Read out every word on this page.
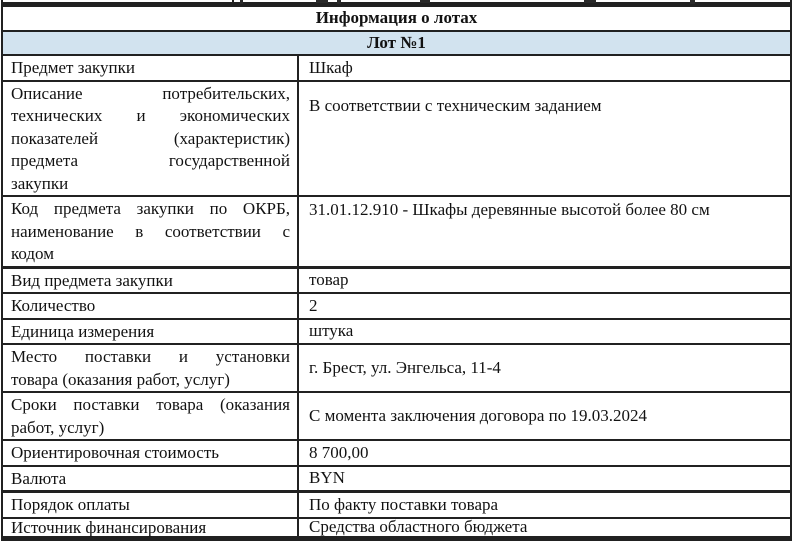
Информация о лотах	
Лот №1	

Предмет закупки	Шкаф

Описание потребительских,
технических и экономических
показателей (характеристик)
предмета государственной
закупки	В соответствии с техническим заданием

Код предмета закупки по ОКРБ,
наименование в соответствии с
кодом	31.01.12.910 - Шкафы деревянные высотой более 80 см

Вид предмета закупки	товар

Количество	2

Единица измерения	штука

Место поставки и установки
товара (оказания работ, услуг)	г. Брест, ул. Энгельса, 11-4

Сроки поставки товара (оказания
работ, услуг)	С момента заключения договора по 19.03.2024

Ориентировочная стоимость	8 700,00

Валюта	BYN

Порядок оплаты	По факту поставки товара

Источник финансирования	Средства областного бюджета
